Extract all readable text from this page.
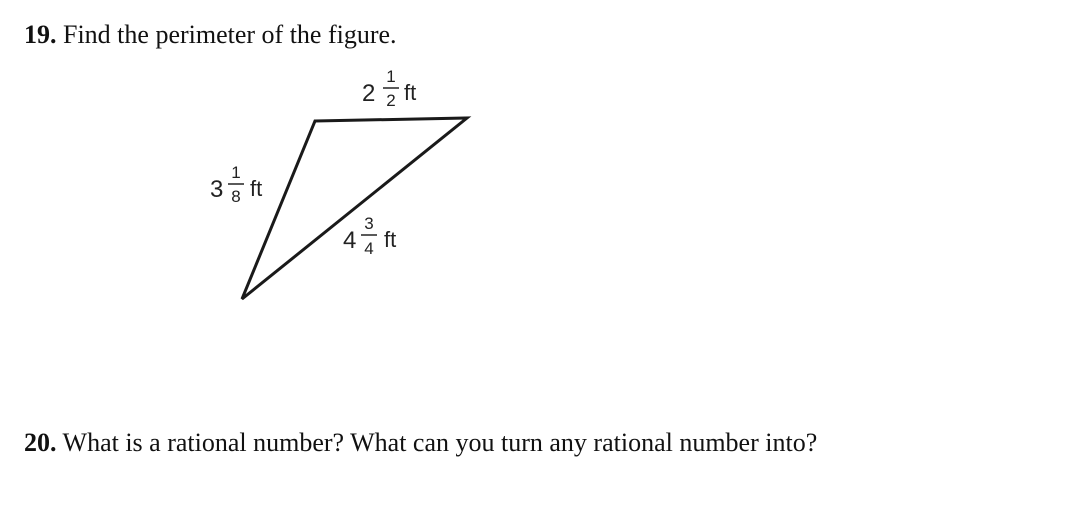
19. Find the perimeter of the figure.
2
1
2 ft
3
1
8 ft
4
3
4 ft
20. What is a rational number? What can you turn any rational number into?
